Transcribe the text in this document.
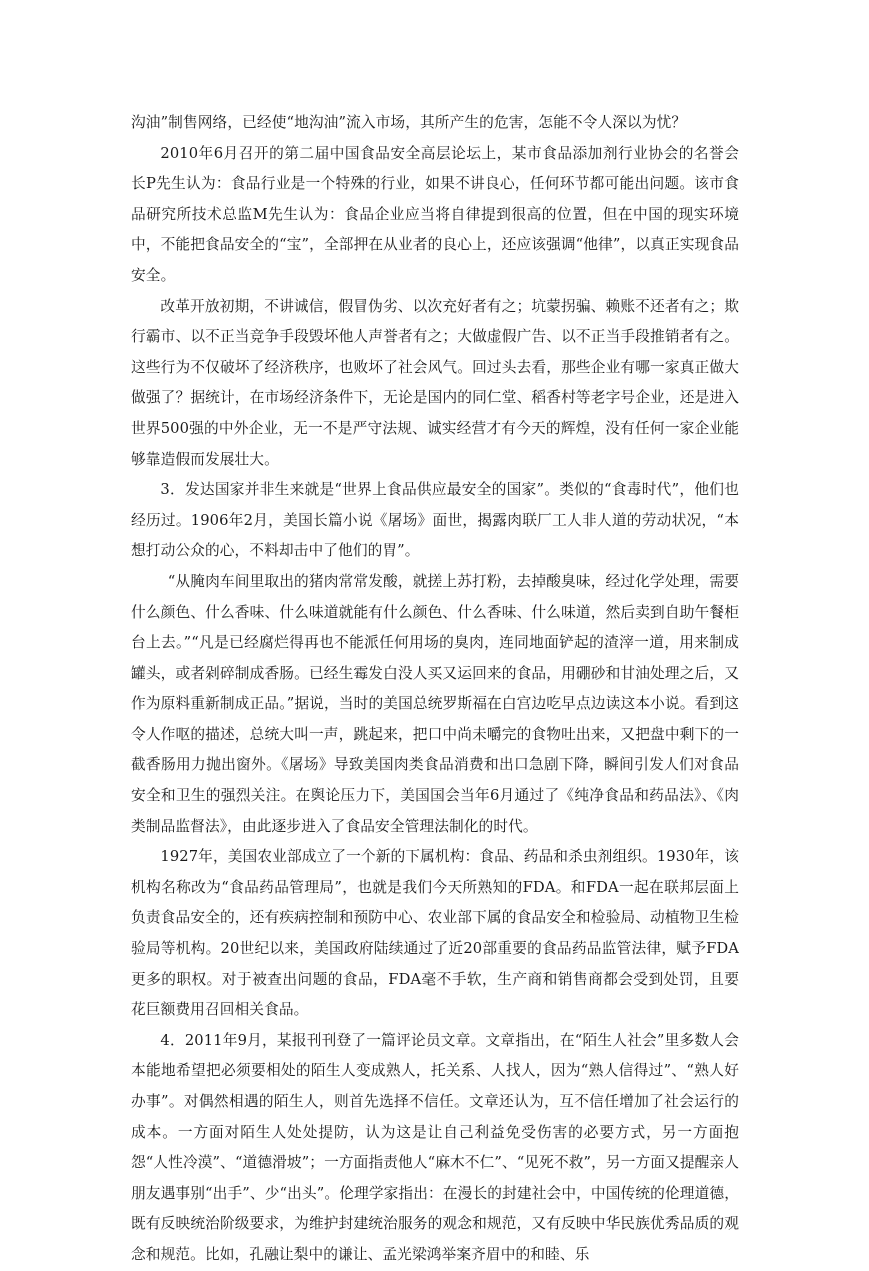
沟油”制售网络，已经使“地沟油”流入市场，其所产生的危害，怎能不令人深以为忧？

2010年6月召开的第二届中国食品安全高层论坛上，某市食品添加剂行业协会的名誉会长P先生认为：食品行业是一个特殊的行业，如果不讲良心，任何环节都可能出问题。该市食品研究所技术总监M先生认为：食品企业应当将自律提到很高的位置，但在中国的现实环境中，不能把食品安全的“宝”，全部押在从业者的良心上，还应该强调“他律”，以真正实现食品安全。

改革开放初期，不讲诚信，假冒伪劣、以次充好者有之；坑蒙拐骗、赖账不还者有之；欺行霸市、以不正当竞争手段毁坏他人声誉者有之；大做虚假广告、以不正当手段推销者有之。这些行为不仅破坏了经济秩序，也败坏了社会风气。回过头去看，那些企业有哪一家真正做大做强了？据统计，在市场经济条件下，无论是国内的同仁堂、稻香村等老字号企业，还是进入世界500强的中外企业，无一不是严守法规、诚实经营才有今天的辉煌，没有任何一家企业能够靠造假而发展壮大。

3．发达国家并非生来就是“世界上食品供应最安全的国家”。类似的“食毒时代”，他们也经历过。1906年2月，美国长篇小说《屠场》面世，揭露肉联厂工人非人道的劳动状况，“本想打动公众的心，不料却击中了他们的胃”。

“从腌肉车间里取出的猪肉常常发酸，就搓上苏打粉，去掉酸臭味，经过化学处理，需要什么颜色、什么香味、什么味道就能有什么颜色、什么香味、什么味道，然后卖到自助午餐柜台上去。”“凡是已经腐烂得再也不能派任何用场的臭肉，连同地面铲起的渣滓一道，用来制成罐头，或者剁碎制成香肠。已经生霉发白没人买又运回来的食品，用硼砂和甘油处理之后，又作为原料重新制成正品。”据说，当时的美国总统罗斯福在白宫边吃早点边读这本小说。看到这令人作呕的描述，总统大叫一声，跳起来，把口中尚未嚼完的食物吐出来，又把盘中剩下的一截香肠用力抛出窗外。《屠场》导致美国肉类食品消费和出口急剧下降，瞬间引发人们对食品安全和卫生的强烈关注。在舆论压力下，美国国会当年6月通过了《纯净食品和药品法》、《肉类制品监督法》，由此逐步进入了食品安全管理法制化的时代。

1927年，美国农业部成立了一个新的下属机构：食品、药品和杀虫剂组织。1930年，该机构名称改为“食品药品管理局”，也就是我们今天所熟知的FDA。和FDA一起在联邦层面上负责食品安全的，还有疾病控制和预防中心、农业部下属的食品安全和检验局、动植物卫生检验局等机构。20世纪以来，美国政府陆续通过了近20部重要的食品药品监管法律，赋予FDA更多的职权。对于被查出问题的食品，FDA毫不手软，生产商和销售商都会受到处罚，且要花巨额费用召回相关食品。

4．2011年9月，某报刊刊登了一篇评论员文章。文章指出，在“陌生人社会”里多数人会本能地希望把必须要相处的陌生人变成熟人，托关系、人找人，因为“熟人信得过”、“熟人好办事”。对偶然相遇的陌生人，则首先选择不信任。文章还认为，互不信任增加了社会运行的成本。一方面对陌生人处处提防，认为这是让自己利益免受伤害的必要方式，另一方面抱怨“人性冷漠”、“道德滑坡”；一方面指责他人“麻木不仁”、“见死不救”，另一方面又提醒亲人朋友遇事别“出手”、少“出头”。伦理学家指出：在漫长的封建社会中，中国传统的伦理道德，既有反映统治阶级要求，为维护封建统治服务的观念和规范，又有反映中华民族优秀品质的观念和规范。比如，孔融让梨中的谦让、孟光梁鸿举案齐眉中的和睦、乐
